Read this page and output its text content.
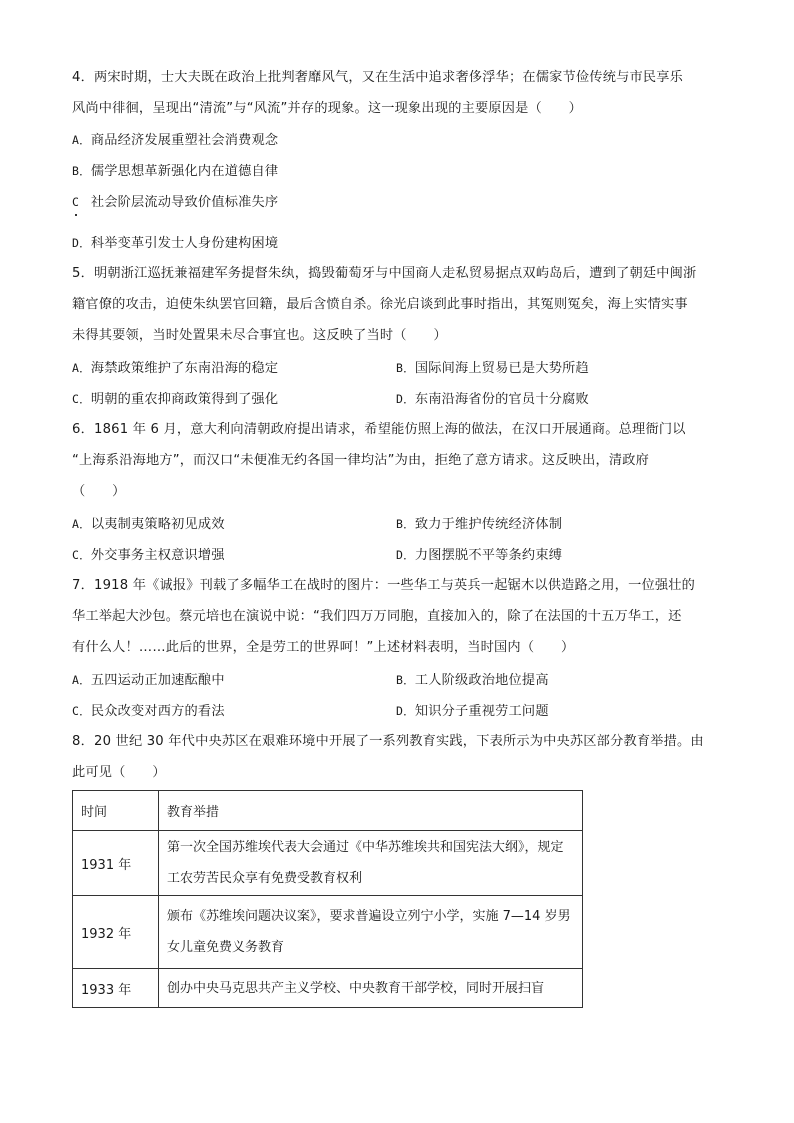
4．两宋时期，士大夫既在政治上批判奢靡风气，又在生活中追求奢侈浮华；在儒家节俭传统与市民享乐
风尚中徘徊，呈现出“清流”与“风流”并存的现象。这一现象出现的主要原因是（　　）
A．商品经济发展重塑社会消费观念
B．儒学思想革新强化内在道德自律
C　社会阶层流动导致价值标准失序
D．科举变革引发士人身份建构困境
5．明朝浙江巡抚兼福建军务提督朱纨，捣毁葡萄牙与中国商人走私贸易据点双屿岛后，遭到了朝廷中闽浙
籍官僚的攻击，迫使朱纨罢官回籍，最后含愤自杀。徐光启谈到此事时指出，其冤则冤矣，海上实情实事
未得其要领，当时处置果未尽合事宜也。这反映了当时（　　）
A．海禁政策维护了东南沿海的稳定	B．国际间海上贸易已是大势所趋
C．明朝的重农抑商政策得到了强化	D．东南沿海省份的官员十分腐败
6．1861 年 6 月，意大利向清朝政府提出请求，希望能仿照上海的做法，在汉口开展通商。总理衙门以
“上海系沿海地方”，而汉口“未便准无约各国一律均沾”为由，拒绝了意方请求。这反映出，清政府
（　　）
A．以夷制夷策略初见成效	B．致力于维护传统经济体制
C．外交事务主权意识增强	D．力图摆脱不平等条约束缚
7．1918 年《诚报》刊载了多幅华工在战时的图片：一些华工与英兵一起锯木以供造路之用，一位强壮的
华工举起大沙包。蔡元培也在演说中说：“我们四万万同胞，直接加入的，除了在法国的十五万华工，还
有什么人！……此后的世界，全是劳工的世界呵！”上述材料表明，当时国内（　　）
A．五四运动正加速酝酿中	B．工人阶级政治地位提高
C．民众改变对西方的看法	D．知识分子重视劳工问题
8．20 世纪 30 年代中央苏区在艰难环境中开展了一系列教育实践，下表所示为中央苏区部分教育举措。由
此可见（　　）
时间	教育举措
1931 年	第一次全国苏维埃代表大会通过《中华苏维埃共和国宪法大纲》，规定工农劳苦民众享有免费受教育权利
1932 年	颁布《苏维埃问题决议案》，要求普遍设立列宁小学，实施 7—14 岁男女儿童免费义务教育
1933 年	创办中央马克思共产主义学校、中央教育干部学校，同时开展扫盲
